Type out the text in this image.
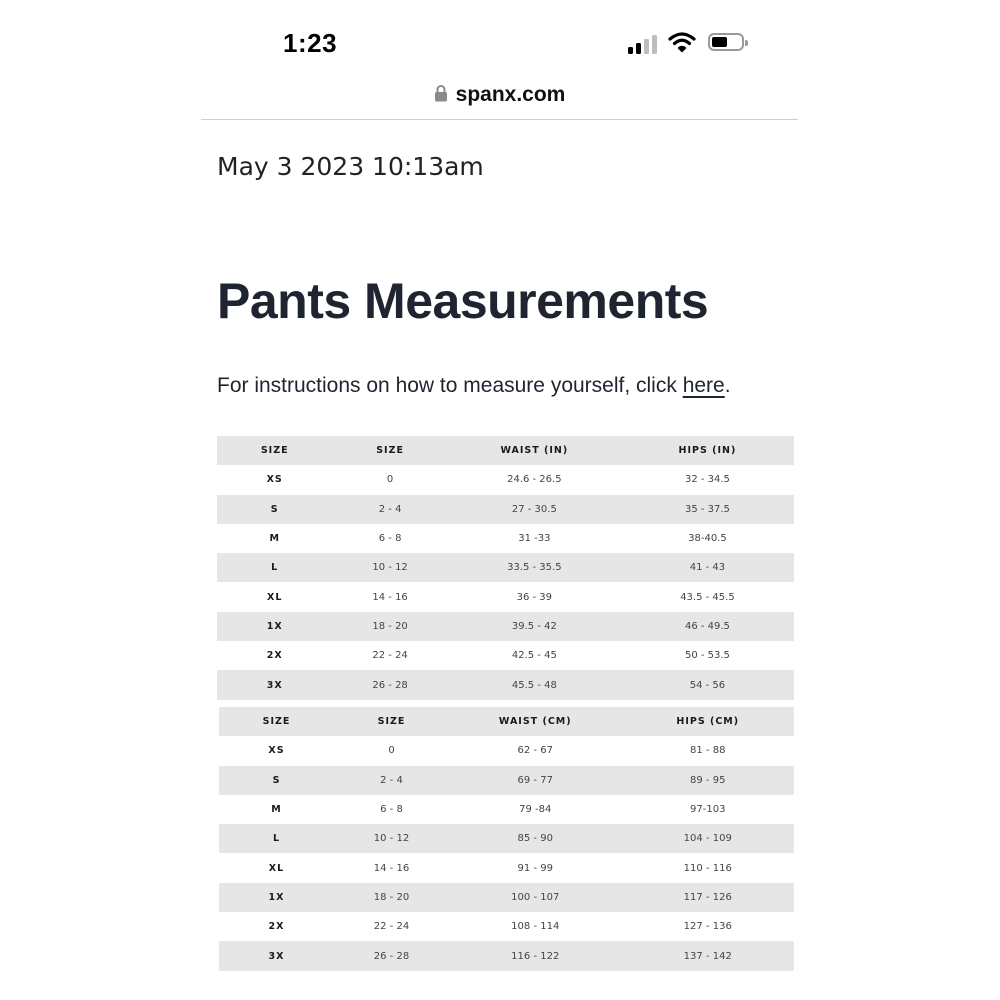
1:23
spanx.com
May 3 2023 10:13am
Pants Measurements
For instructions on how to measure yourself, click here.
SIZE	SIZE	WAIST (IN)	HIPS (IN)
XS	0	24.6 - 26.5	32 - 34.5
S	2 - 4	27 - 30.5	35 - 37.5
M	6 - 8	31 -33	38-40.5
L	10 - 12	33.5 - 35.5	41 - 43
XL	14 - 16	36 - 39	43.5 - 45.5
1X	18 - 20	39.5 - 42	46 - 49.5
2X	22 - 24	42.5 - 45	50 - 53.5
3X	26 - 28	45.5 - 48	54 - 56
SIZE	SIZE	WAIST (CM)	HIPS (CM)
XS	0	62 - 67	81 - 88
S	2 - 4	69 - 77	89 - 95
M	6 - 8	79 -84	97-103
L	10 - 12	85 - 90	104 - 109
XL	14 - 16	91 - 99	110 - 116
1X	18 - 20	100 - 107	117 - 126
2X	22 - 24	108 - 114	127 - 136
3X	26 - 28	116 - 122	137 - 142
